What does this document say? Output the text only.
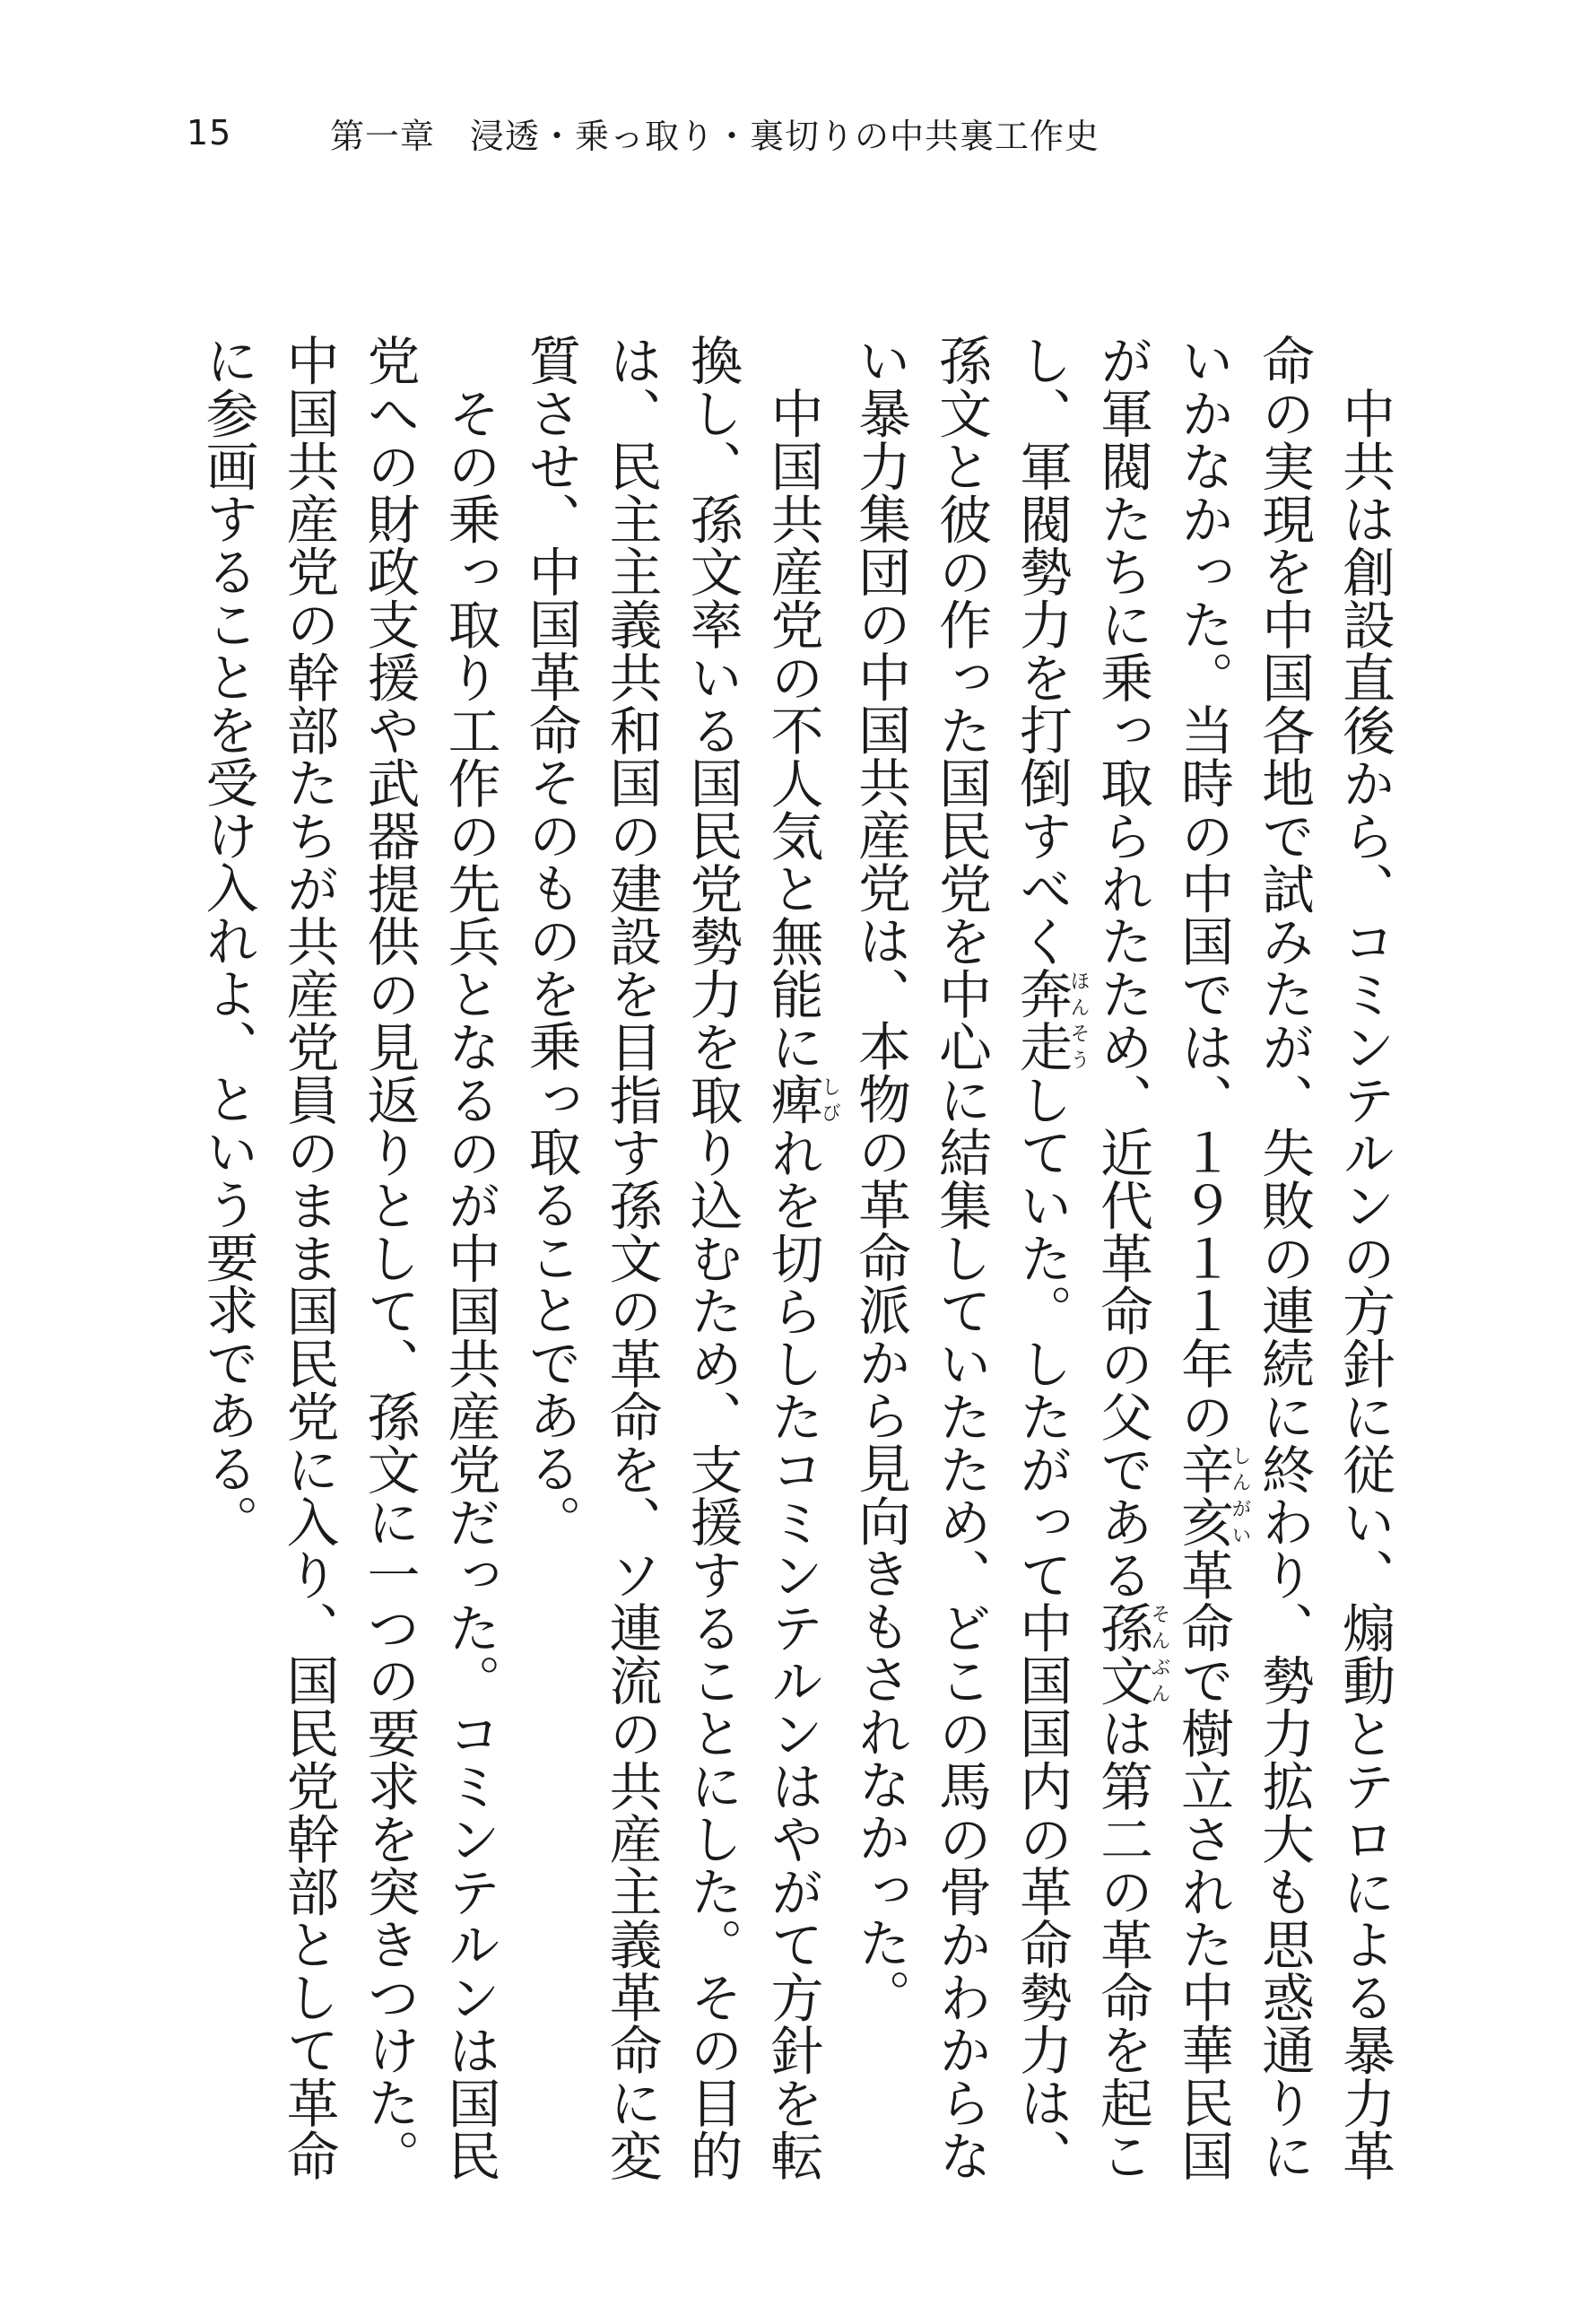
15	第一章　浸透・乗っ取り・裏切りの中共裏工作史

中共は創設直後から、コミンテルンの方針に従い、煽動とテロによる暴力革命の実現を中国各地で試みたが、失敗の連続に終わり、勢力拡大も思惑通りにいかなかった。当時の中国では、１９１１年の辛亥しんがい革命で樹立された中華民国が軍閥たちに乗っ取られたため、近代革命の父である孫文そんぶんは第二の革命を起こし、軍閥勢力を打倒すべく奔走ほんそうしていた。したがって中国国内の革命勢力は、孫文と彼の作った国民党を中心に結集していたため、どこの馬の骨かわからない暴力集団の中国共産党は、本物の革命派から見向きもされなかった。

中国共産党の不人気と無能に痺しびれを切らしたコミンテルンはやがて方針を転換し、孫文率いる国民党勢力を取り込むため、支援することにした。その目的は、民主主義共和国の建設を目指す孫文の革命を、ソ連流の共産主義革命に変質させ、中国革命そのものを乗っ取ることである。

その乗っ取り工作の先兵となるのが中国共産党だった。コミンテルンは国民党への財政支援や武器提供の見返りとして、孫文に一つの要求を突きつけた。中国共産党の幹部たちが共産党員のまま国民党に入り、国民党幹部として革命に参画することを受け入れよ、という要求である。
